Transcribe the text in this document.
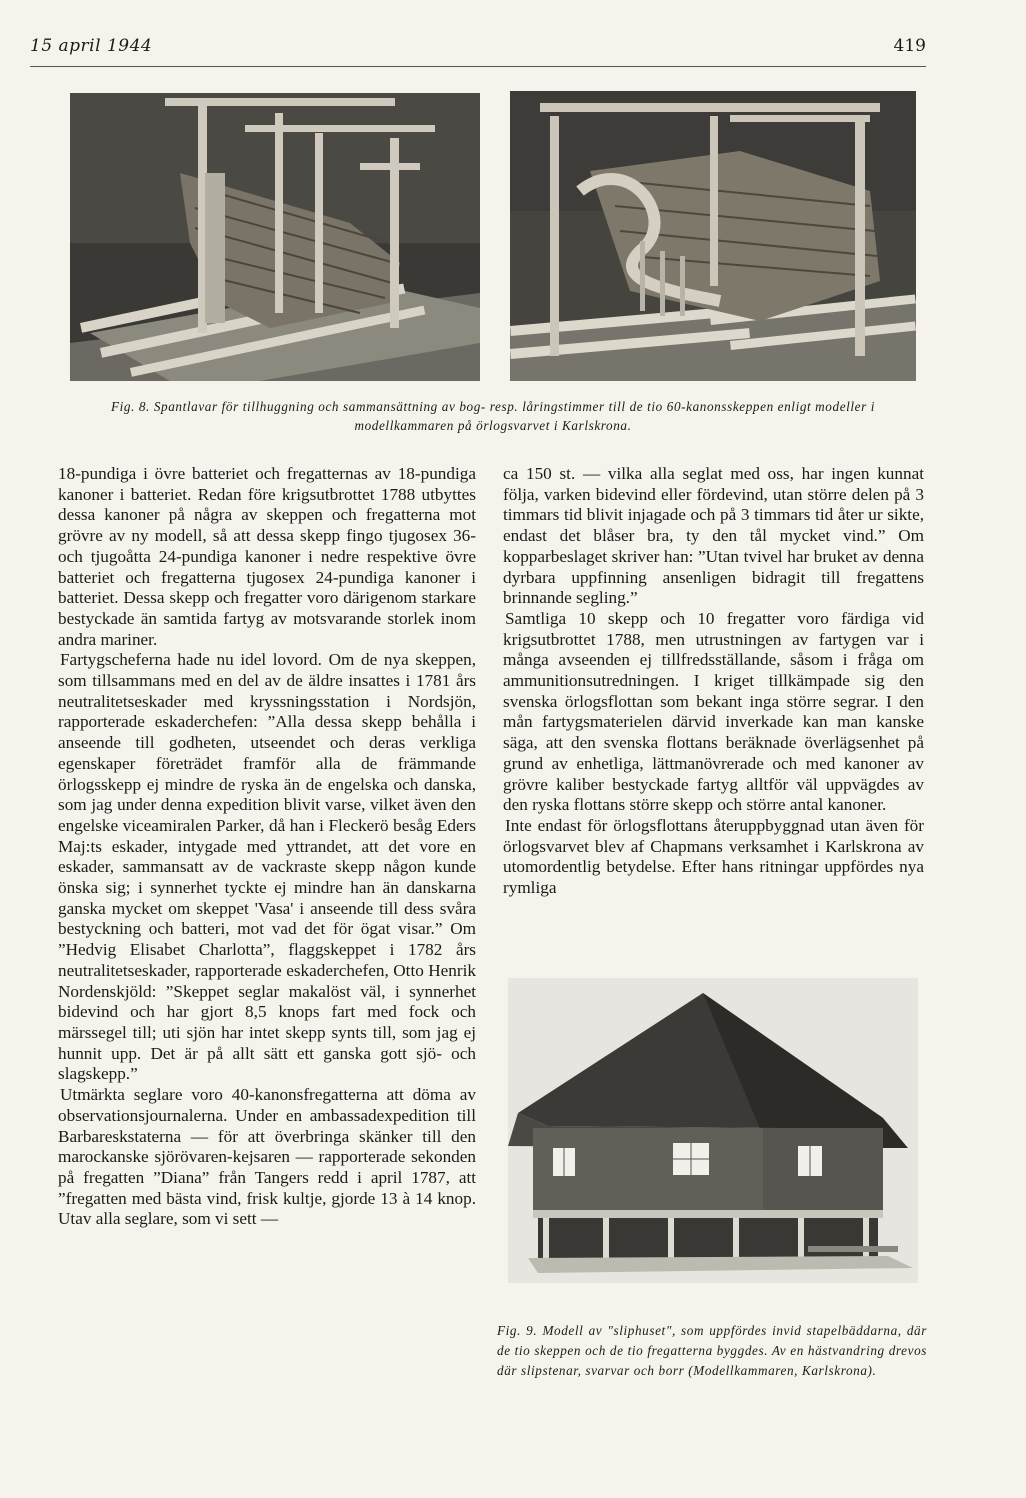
15 april 1944	419
Fig. 8. Spantlavar för tillhuggning och sammansättning av bog- resp. låringstimmer till de tio 60-kanonsskeppen enligt modeller i modellkammaren på örlogsvarvet i Karlskrona.

18-pundiga i övre batteriet och fregatternas av 18-pundiga kanoner i batteriet. Redan före krigsutbrottet 1788 utbyttes dessa kanoner på några av skeppen och fregatterna mot grövre av ny modell, så att dessa skepp fingo tjugosex 36- och tjugoåtta 24-pundiga kanoner i nedre respektive övre batteriet och fregatterna tjugosex 24-pundiga kanoner i batteriet. Dessa skepp och fregatter voro därigenom starkare bestyckade än samtida fartyg av motsvarande storlek inom andra mariner.

Fartygscheferna hade nu idel lovord. Om de nya skeppen, som tillsammans med en del av de äldre insattes i 1781 års neutralitetseskader med kryssningsstation i Nordsjön, rapporterade eskaderchefen: ”Alla dessa skepp behålla i anseende till godheten, utseendet och deras verkliga egenskaper företrädet framför alla de främmande örlogsskepp ej mindre de ryska än de engelska och danska, som jag under denna expedition blivit varse, vilket även den engelske viceamiralen Parker, då han i Fleckerö besåg Eders Maj:ts eskader, intygade med yttrandet, att det vore en eskader, sammansatt av de vackraste skepp någon kunde önska sig; i synnerhet tyckte ej mindre han än danskarna ganska mycket om skeppet 'Vasa' i anseende till dess svåra bestyckning och batteri, mot vad det för ögat visar.” Om ”Hedvig Elisabet Charlotta”, flaggskeppet i 1782 års neutralitetseskader, rapporterade eskaderchefen, Otto Henrik Nordenskjöld: ”Skeppet seglar makalöst väl, i synnerhet bidevind och har gjort 8,5 knops fart med fock och märssegel till; uti sjön har intet skepp synts till, som jag ej hunnit upp. Det är på allt sätt ett ganska gott sjö- och slagskepp.”

Utmärkta seglare voro 40-kanonsfregatterna att döma av observationsjournalerna. Under en ambassadexpedition till Barbareskstaterna — för att överbringa skänker till den marockanske sjörövaren-kejsaren — rapporterade sekonden på fregatten ”Diana” från Tangers redd i april 1787, att ”fregatten med bästa vind, frisk kultje, gjorde 13 à 14 knop. Utav alla seglare, som vi sett —

ca 150 st. — vilka alla seglat med oss, har ingen kunnat följa, varken bidevind eller fördevind, utan större delen på 3 timmars tid blivit injagade och på 3 timmars tid åter ur sikte, endast det blåser bra, ty den tål mycket vind.” Om kopparbeslaget skriver han: ”Utan tvivel har bruket av denna dyrbara uppfinning ansenligen bidragit till fregattens brinnande segling.”

Samtliga 10 skepp och 10 fregatter voro färdiga vid krigsutbrottet 1788, men utrustningen av fartygen var i många avseenden ej tillfredsställande, såsom i fråga om ammunitionsutredningen. I kriget tillkämpade sig den svenska örlogsflottan som bekant inga större segrar. I den mån fartygsmaterielen därvid inverkade kan man kanske säga, att den svenska flottans beräknade överlägsenhet på grund av enhetliga, lättmanövrerade och med kanoner av grövre kaliber bestyckade fartyg alltför väl uppvägdes av den ryska flottans större skepp och större antal kanoner.

Inte endast för örlogsflottans återuppbyggnad utan även för örlogsvarvet blev af Chapmans verksamhet i Karlskrona av utomordentlig betydelse. Efter hans ritningar uppfördes nya rymliga

Fig. 9. Modell av "sliphuset", som uppfördes invid stapelbäddarna, där de tio skeppen och de tio fregatterna byggdes. Av en hästvandring drevos där slipstenar, svarvar och borr (Modellkammaren, Karlskrona).
